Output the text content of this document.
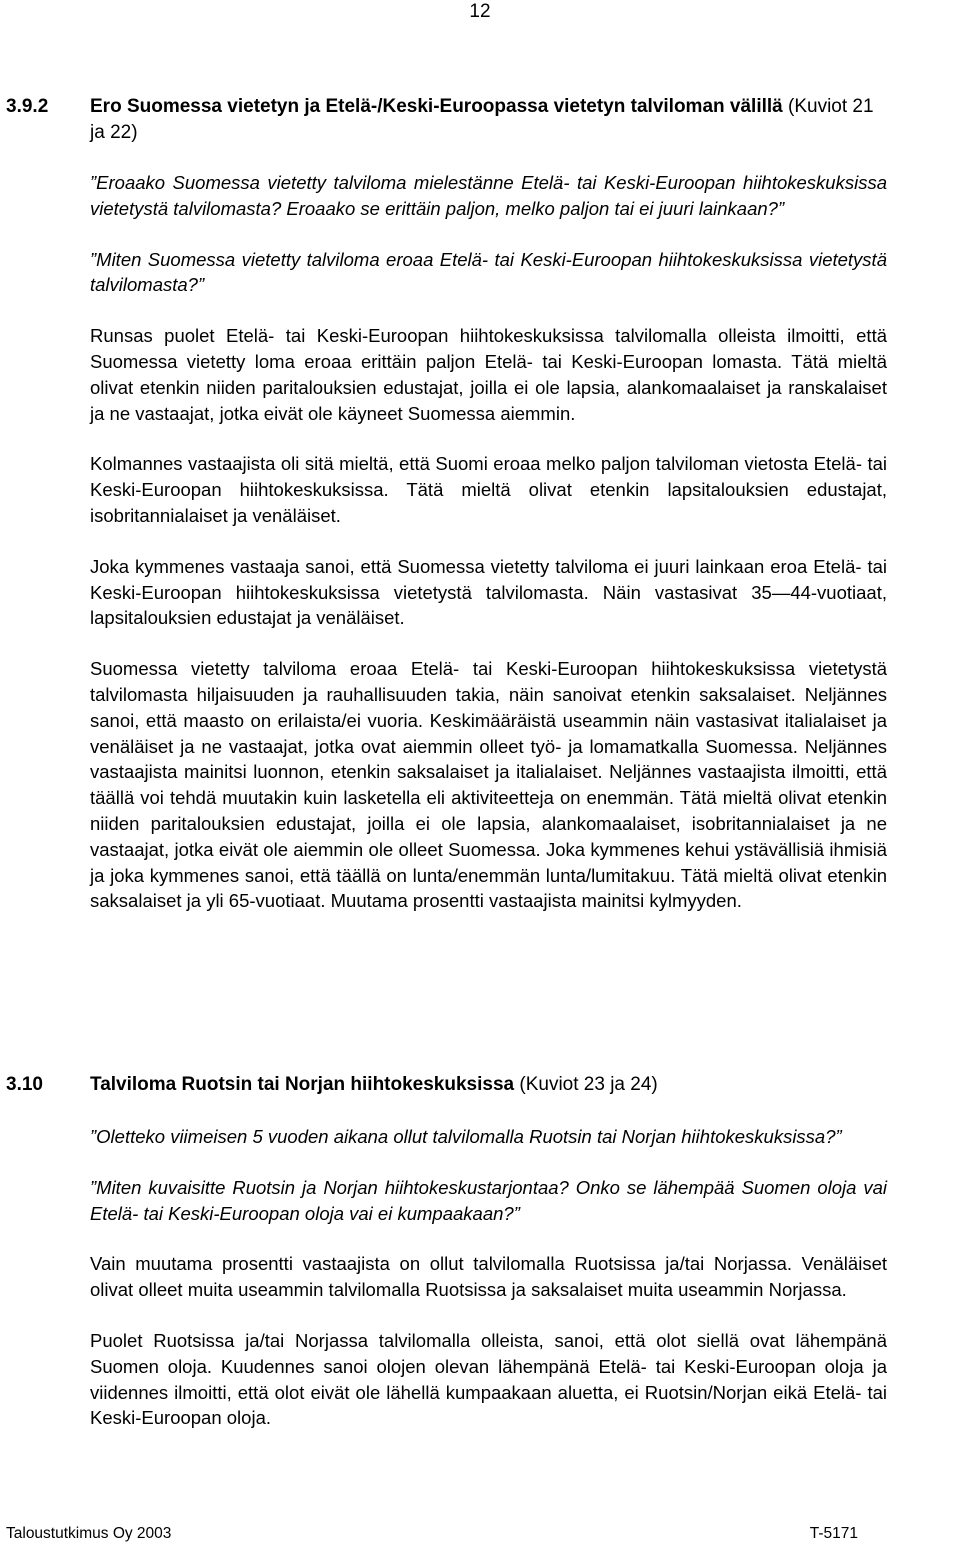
12
3.9.2 Ero Suomessa vietetyn ja Etelä-/Keski-Euroopassa vietetyn talviloman välillä (Kuviot 21 ja 22)

”Eroaako Suomessa vietetty talviloma mielestänne Etelä- tai Keski-Euroopan hiihtokeskuksissa vietetystä talvilomasta? Eroaako se erittäin paljon, melko paljon tai ei juuri lainkaan?”

”Miten Suomessa vietetty talviloma eroaa Etelä- tai Keski-Euroopan hiihtokeskuksissa vietetystä talvilomasta?”

Runsas puolet Etelä- tai Keski-Euroopan hiihtokeskuksissa talvilomalla olleista ilmoitti, että Suomessa vietetty loma eroaa erittäin paljon Etelä- tai Keski-Euroopan lomasta. Tätä mieltä olivat etenkin niiden paritalouksien edustajat, joilla ei ole lapsia, alankomaalaiset ja ranskalaiset ja ne vastaajat, jotka eivät ole käyneet Suomessa aiemmin.

Kolmannes vastaajista oli sitä mieltä, että Suomi eroaa melko paljon talviloman vietosta Etelä- tai Keski-Euroopan hiihtokeskuksissa. Tätä mieltä olivat etenkin lapsitalouksien edustajat, isobritannialaiset ja venäläiset.

Joka kymmenes vastaaja sanoi, että Suomessa vietetty talviloma ei juuri lainkaan eroa Etelä- tai Keski-Euroopan hiihtokeskuksissa vietetystä talvilomasta. Näin vastasivat 35—44-vuotiaat, lapsitalouksien edustajat ja venäläiset.

Suomessa vietetty talviloma eroaa Etelä- tai Keski-Euroopan hiihtokeskuksissa vietetystä talvilomasta hiljaisuuden ja rauhallisuuden takia, näin sanoivat etenkin saksalaiset. Neljännes sanoi, että maasto on erilaista/ei vuoria. Keskimääräistä useammin näin vastasivat italialaiset ja venäläiset ja ne vastaajat, jotka ovat aiemmin olleet työ- ja lomamatkalla Suomessa. Neljännes vastaajista mainitsi luonnon, etenkin saksalaiset ja italialaiset. Neljännes vastaajista ilmoitti, että täällä voi tehdä muutakin kuin lasketella eli aktiviteetteja on enemmän. Tätä mieltä olivat etenkin niiden paritalouksien edustajat, joilla ei ole lapsia, alankomaalaiset, isobritannialaiset ja ne vastaajat, jotka eivät ole aiemmin ole olleet Suomessa. Joka kymmenes kehui ystävällisiä ihmisiä ja joka kymmenes sanoi, että täällä on lunta/enemmän lunta/lumitakuu. Tätä mieltä olivat etenkin saksalaiset ja yli 65-vuotiaat. Muutama prosentti vastaajista mainitsi kylmyyden.

3.10 Talviloma Ruotsin tai Norjan hiihtokeskuksissa (Kuviot 23 ja 24)

”Oletteko viimeisen 5 vuoden aikana ollut talvilomalla Ruotsin tai Norjan hiihtokeskuksissa?”

”Miten kuvaisitte Ruotsin ja Norjan hiihtokeskustarjontaa? Onko se lähempää Suomen oloja vai Etelä- tai Keski-Euroopan oloja vai ei kumpaakaan?”

Vain muutama prosentti vastaajista on ollut talvilomalla Ruotsissa ja/tai Norjassa. Venäläiset olivat olleet muita useammin talvilomalla Ruotsissa ja saksalaiset muita useammin Norjassa.

Puolet Ruotsissa ja/tai Norjassa talvilomalla olleista, sanoi, että olot siellä ovat lähempänä Suomen oloja. Kuudennes sanoi olojen olevan lähempänä Etelä- tai Keski-Euroopan oloja ja viidennes ilmoitti, että olot eivät ole lähellä kumpaakaan aluetta, ei Ruotsin/Norjan eikä Etelä- tai Keski-Euroopan oloja.

Taloustutkimus Oy 2003	T-5171
